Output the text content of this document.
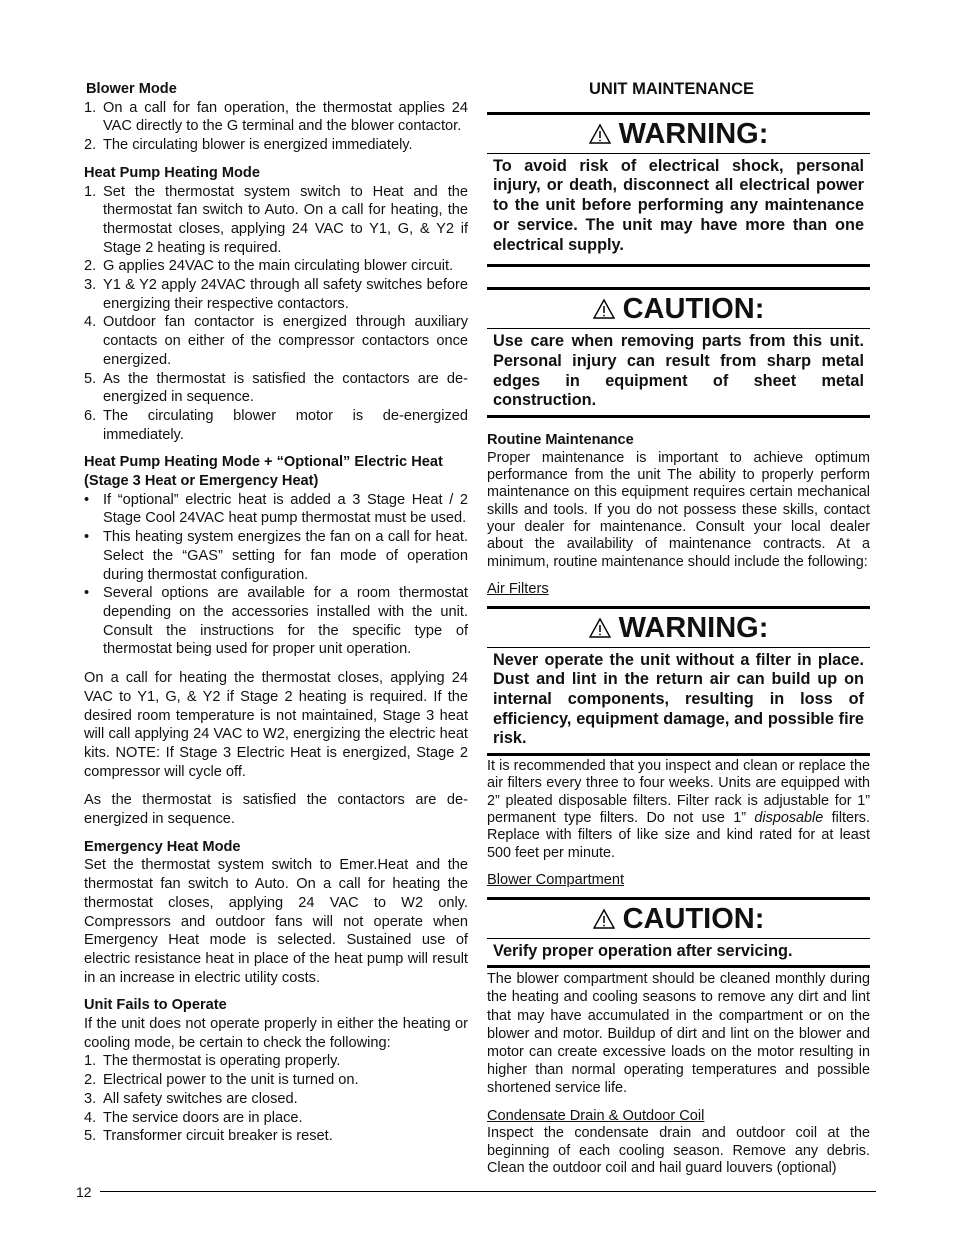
Blower Mode
1. On a call for fan operation, the thermostat applies 24 VAC directly to the G terminal and the blower contactor.
2. The circulating blower is energized immediately.
Heat Pump Heating Mode
1. Set the thermostat system switch to Heat and the thermostat fan switch to Auto. On a call for heating, the thermostat closes, applying 24 VAC to Y1, G, & Y2 if Stage 2 heating is required.
2. G applies 24VAC to the main circulating blower circuit.
3. Y1 & Y2 apply 24VAC through all safety switches before energizing their respective contactors.
4. Outdoor fan contactor is energized through auxiliary contacts on either of the compressor contactors once energized.
5. As the thermostat is satisfied the contactors are de-energized in sequence.
6. The circulating blower motor is de-energized immediately.
Heat Pump Heating Mode + “Optional” Electric Heat (Stage 3 Heat or Emergency Heat)
• If “optional” electric heat is added a 3 Stage Heat / 2 Stage Cool 24VAC heat pump thermostat must be used.
• This heating system energizes the fan on a call for heat. Select the “GAS” setting for fan mode of operation during thermostat configuration.
• Several options are available for a room thermostat depending on the accessories installed with the unit. Consult the instructions for the specific type of thermostat being used for proper unit operation.

On a call for heating the thermostat closes, applying 24 VAC to Y1, G, & Y2 if Stage 2 heating is required. If the desired room temperature is not maintained, Stage 3 heat will call applying 24 VAC to W2, energizing the electric heat kits. NOTE: If Stage 3 Electric Heat is energized, Stage 2 compressor will cycle off.

As the thermostat is satisfied the contactors are de-energized in sequence.

Emergency Heat Mode

Set the thermostat system switch to Emer.Heat and the thermostat fan switch to Auto. On a call for heating the thermostat closes, applying 24 VAC to W2 only. Compressors and outdoor fans will not operate when Emergency Heat mode is selected. Sustained use of electric resistance heat in place of the heat pump will result in an increase in electric utility costs.

Unit Fails to Operate

If the unit does not operate properly in either the heating or cooling mode, be certain to check the following:

1. The thermostat is operating properly.
2. Electrical power to the unit is turned on.
3. All safety switches are closed.
4. The service doors are in place.
5. Transformer circuit breaker is reset.
UNIT MAINTENANCE
WARNING:
To avoid risk of electrical shock, personal injury, or death, disconnect all electrical power to the unit before performing any maintenance or service. The unit may have more than one electrical supply.
CAUTION:
Use care when removing parts from this unit. Personal injury can result from sharp metal edges in equipment of sheet metal construction.
Routine Maintenance

Proper maintenance is important to achieve optimum performance from the unit The ability to properly perform maintenance on this equipment requires certain mechanical skills and tools. If you do not possess these skills, contact your dealer for maintenance. Consult your local dealer about the availability of maintenance contracts. At a minimum, routine maintenance should include the following:

Air Filters
WARNING:
Never operate the unit without a filter in place. Dust and lint in the return air can build up on internal components, resulting in loss of efficiency, equipment damage, and possible fire risk.

It is recommended that you inspect and clean or replace the air filters every three to four weeks. Units are equipped with 2” pleated disposable filters. Filter rack is adjustable for 1” permanent type filters. Do not use 1” disposable filters. Replace with filters of like size and kind rated for at least 500 feet per minute.

Blower Compartment
CAUTION:
Verify proper operation after servicing.

The blower compartment should be cleaned monthly during the heating and cooling seasons to remove any dirt and lint that may have accumulated in the compartment or on the blower and motor. Buildup of dirt and lint on the blower and motor can create excessive loads on the motor resulting in higher than normal operating temperatures and possible shortened service life.

Condensate Drain & Outdoor Coil

Inspect the condensate drain and outdoor coil at the beginning of each cooling season. Remove any debris. Clean the outdoor coil and hail guard louvers (optional)

12
